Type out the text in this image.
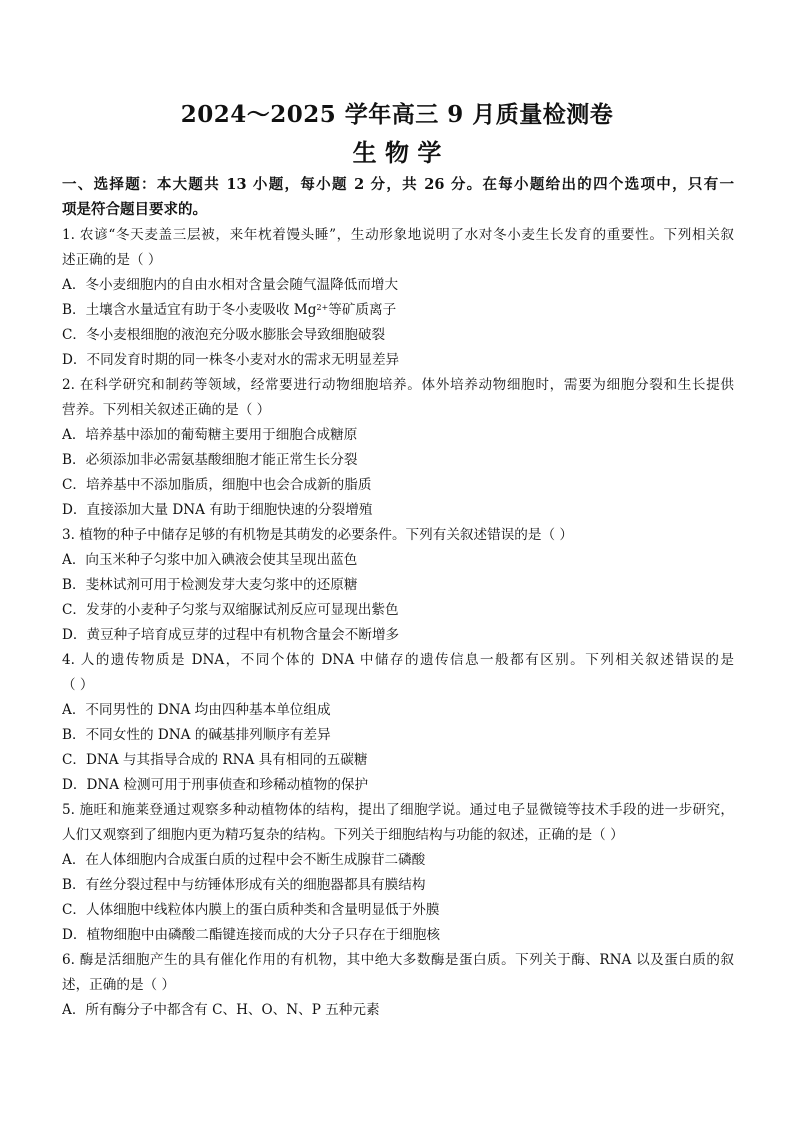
2024～2025 学年高三 9 月质量检测卷
生 物 学

一、选择题：本大题共 13 小题，每小题 2 分，共 26 分。在每小题给出的四个选项中，只有一

项是符合题目要求的。

1. 农谚“冬天麦盖三层被，来年枕着馒头睡”，生动形象地说明了水对冬小麦生长发育的重要性。下列相关叙

述正确的是（ ）

A．冬小麦细胞内的自由水相对含量会随气温降低而增大

B．土壤含水量适宜有助于冬小麦吸收 $Mg^{2+}$等矿质离子

C．冬小麦根细胞的液泡充分吸水膨胀会导致细胞破裂

D．不同发育时期的同一株冬小麦对水的需求无明显差异

2. 在科学研究和制药等领域，经常要进行动物细胞培养。体外培养动物细胞时，需要为细胞分裂和生长提供

营养。下列相关叙述正确的是（ ）

A．培养基中添加的葡萄糖主要用于细胞合成糖原

B．必须添加非必需氨基酸细胞才能正常生长分裂

C．培养基中不添加脂质，细胞中也会合成新的脂质

D．直接添加大量 DNA 有助于细胞快速的分裂增殖

3. 植物的种子中储存足够的有机物是其萌发的必要条件。下列有关叙述错误的是（ ）

A．向玉米种子匀浆中加入碘液会使其呈现出蓝色

B．斐林试剂可用于检测发芽大麦匀浆中的还原糖

C．发芽的小麦种子匀浆与双缩脲试剂反应可显现出紫色

D．黄豆种子培育成豆芽的过程中有机物含量会不断增多

4. 人的遗传物质是 DNA，不同个体的 DNA 中储存的遗传信息一般都有区别。下列相关叙述错误的是

（ ）

A．不同男性的 DNA 均由四种基本单位组成

B．不同女性的 DNA 的碱基排列顺序有差异

C．DNA 与其指导合成的 RNA 具有相同的五碳糖

D．DNA 检测可用于刑事侦查和珍稀动植物的保护

5. 施旺和施莱登通过观察多种动植物体的结构，提出了细胞学说。通过电子显微镜等技术手段的进一步研究，

人们又观察到了细胞内更为精巧复杂的结构。下列关于细胞结构与功能的叙述，正确的是（ ）

A．在人体细胞内合成蛋白质的过程中会不断生成腺苷二磷酸

B．有丝分裂过程中与纺锤体形成有关的细胞器都具有膜结构

C．人体细胞中线粒体内膜上的蛋白质种类和含量明显低于外膜

D．植物细胞中由磷酸二酯键连接而成的大分子只存在于细胞核

6. 酶是活细胞产生的具有催化作用的有机物，其中绝大多数酶是蛋白质。下列关于酶、RNA 以及蛋白质的叙

述，正确的是（ ）

A．所有酶分子中都含有 C、H、O、N、P 五种元素
